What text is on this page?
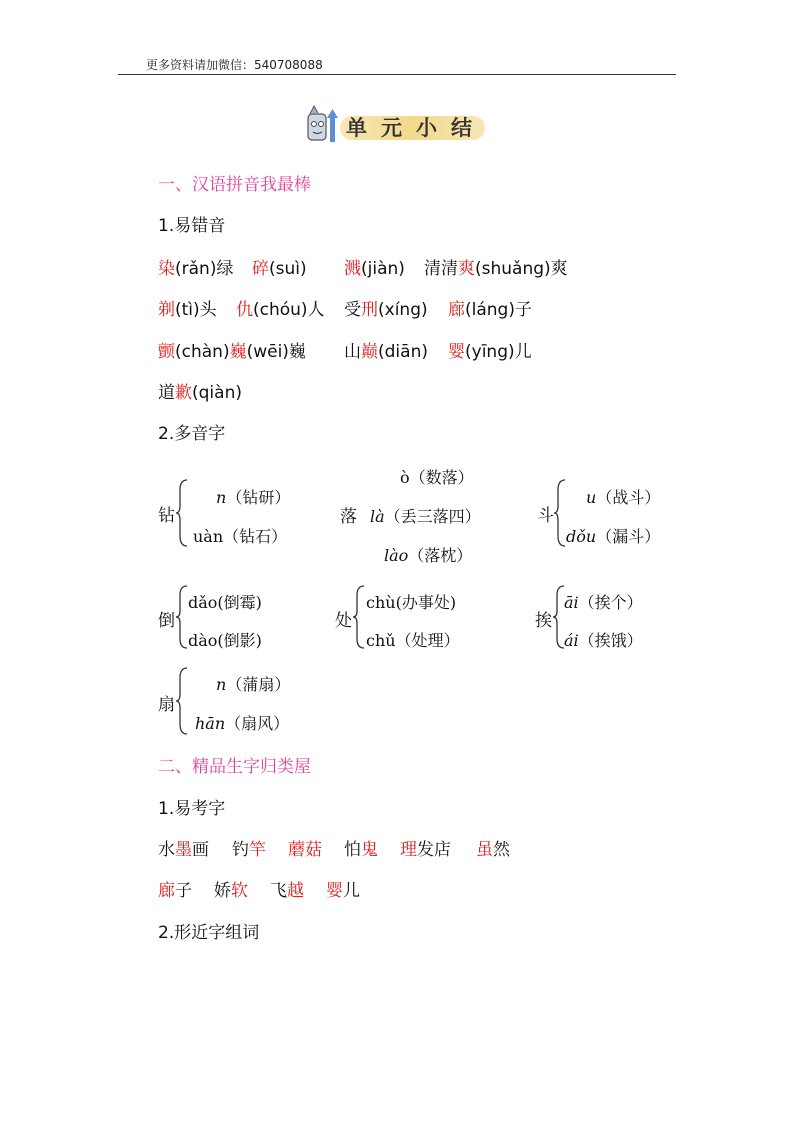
更多资料请加微信：540708088
单元小结
一、汉语拼音我最棒
1.易错音
染(rǎn)绿 碎(suì) 溅(jiàn) 清清爽(shuǎng)爽
剃(tì)头 仇(chóu)人 受刑(xíng) 廊(láng)子
颤(chàn)巍(wēi)巍 山巅(diān) 婴(yīng)儿
道歉(qiàn)
2.多音字
钻
n（钻研）
uàn（钻石）
落
ò（数落）
là（丢三落四）
lào（落枕）
斗
u（战斗）
dǒu（漏斗）
倒
dǎo(倒霉)
dào(倒影)
处
chù(办事处)
chǔ（处理）
挨
āi（挨个）
ái（挨饿）
扇
n（蒲扇）
hān（扇风）
二、精品生字归类屋
1.易考字
水墨画 钓竿 蘑菇 怕鬼 理发店 虽然
廊子 娇软 飞越 婴儿
2.形近字组词
